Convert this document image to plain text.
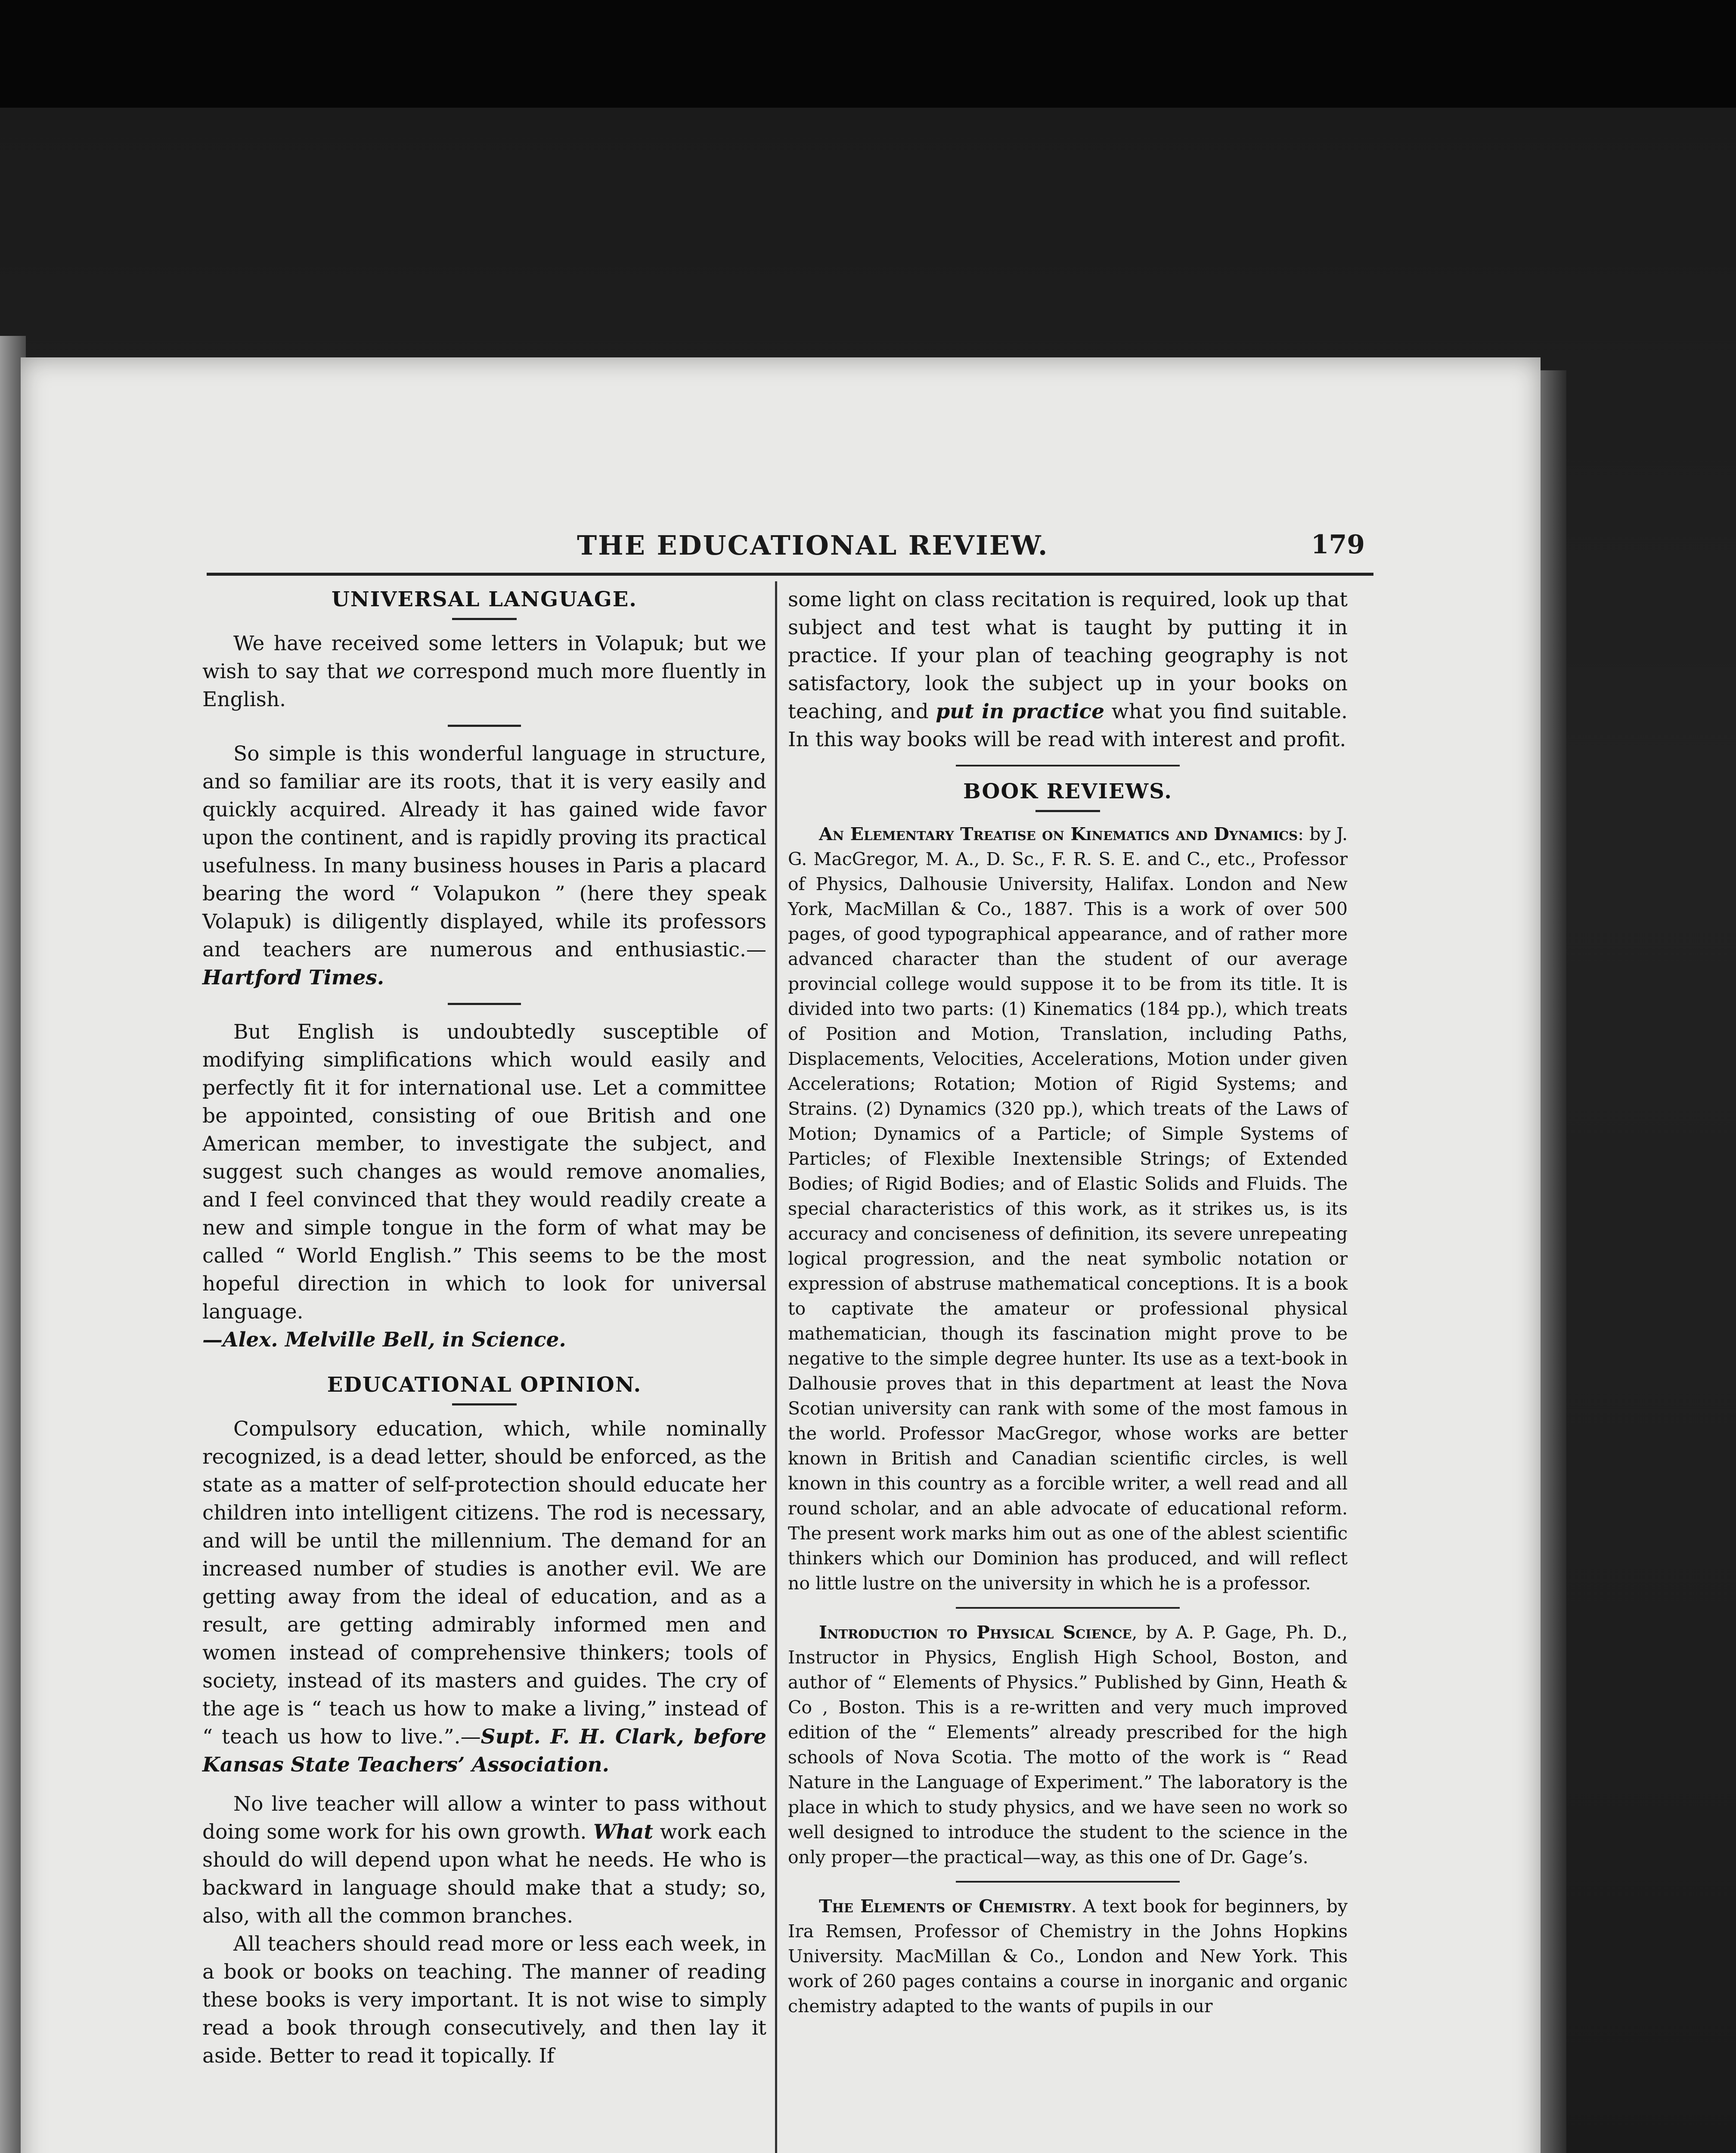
THE EDUCATIONAL REVIEW.	179
UNIVERSAL LANGUAGE.

We have received some letters in Volapuk; but we wish to say that we correspond much more fluently in English.

So simple is this wonderful language in structure, and so familiar are its roots, that it is very easily and quickly acquired. Already it has gained wide favor upon the continent, and is rapidly proving its practical usefulness. In many business houses in Paris a placard bearing the word “ Volapukon ” (here they speak Volapuk) is diligently displayed, while its professors and teachers are numerous and enthusiastic.—Hartford Times.

But English is undoubtedly susceptible of modifying simplifications which would easily and perfectly fit it for international use. Let a committee be appointed, consisting of oue British and one American member, to investigate the subject, and suggest such changes as would remove anomalies, and I feel convinced that they would readily create a new and simple tongue in the form of what may be called “ World English.” This seems to be the most hopeful direction in which to look for universal language.

—Alex. Melville Bell, in Science.

EDUCATIONAL OPINION.

Compulsory education, which, while nominally recognized, is a dead letter, should be enforced, as the state as a matter of self-protection should educate her children into intelligent citizens. The rod is necessary, and will be until the millennium. The demand for an increased number of studies is another evil. We are getting away from the ideal of education, and as a result, are getting admirably informed men and women instead of comprehensive thinkers; tools of society, instead of its masters and guides. The cry of the age is “ teach us how to make a living,” instead of “ teach us how to live.”.—Supt. F. H. Clark, before Kansas State Teachers’ Association.

No live teacher will allow a winter to pass without doing some work for his own growth. What work each should do will depend upon what he needs. He who is backward in language should make that a study; so, also, with all the common branches.

All teachers should read more or less each week, in a book or books on teaching. The manner of reading these books is very important. It is not wise to simply read a book through consecutively, and then lay it aside. Better to read it topically. If

some light on class recitation is required, look up that subject and test what is taught by putting it in practice. If your plan of teaching geography is not satisfactory, look the subject up in your books on teaching, and put in practice what you find suitable. In this way books will be read with interest and profit.

BOOK REVIEWS.

An Elementary Treatise on Kinematics and Dynamics: by J. G. MacGregor, M. A., D. Sc., F. R. S. E. and C., etc., Professor of Physics, Dalhousie University, Halifax. London and New York, MacMillan & Co., 1887. This is a work of over 500 pages, of good typographical appearance, and of rather more advanced character than the student of our average provincial college would suppose it to be from its title. It is divided into two parts: (1) Kinematics (184 pp.), which treats of Position and Motion, Translation, including Paths, Displacements, Velocities, Accelerations, Motion under given Accelerations; Rotation; Motion of Rigid Systems; and Strains. (2) Dynamics (320 pp.), which treats of the Laws of Motion; Dynamics of a Particle; of Simple Systems of Particles; of Flexible Inextensible Strings; of Extended Bodies; of Rigid Bodies; and of Elastic Solids and Fluids. The special characteristics of this work, as it strikes us, is its accuracy and conciseness of definition, its severe unrepeating logical progression, and the neat symbolic notation or expression of abstruse mathematical conceptions. It is a book to captivate the amateur or professional physical mathematician, though its fascination might prove to be negative to the simple degree hunter. Its use as a text-book in Dalhousie proves that in this department at least the Nova Scotian university can rank with some of the most famous in the world. Professor MacGregor, whose works are better known in British and Canadian scientific circles, is well known in this country as a forcible writer, a well read and all round scholar, and an able advocate of educational reform. The present work marks him out as one of the ablest scientific thinkers which our Dominion has produced, and will reflect no little lustre on the university in which he is a professor.

Introduction to Physical Science, by A. P. Gage, Ph. D., Instructor in Physics, English High School, Boston, and author of “ Elements of Physics.” Published by Ginn, Heath & Co , Boston. This is a re-written and very much improved edition of the “ Elements” already prescribed for the high schools of Nova Scotia. The motto of the work is “ Read Nature in the Language of Experiment.” The laboratory is the place in which to study physics, and we have seen no work so well designed to introduce the student to the science in the only proper—the practical—way, as this one of Dr. Gage’s.

The Elements of Chemistry. A text book for beginners, by Ira Remsen, Professor of Chemistry in the Johns Hopkins University. MacMillan & Co., London and New York. This work of 260 pages contains a course in inorganic and organic chemistry adapted to the wants of pupils in our
